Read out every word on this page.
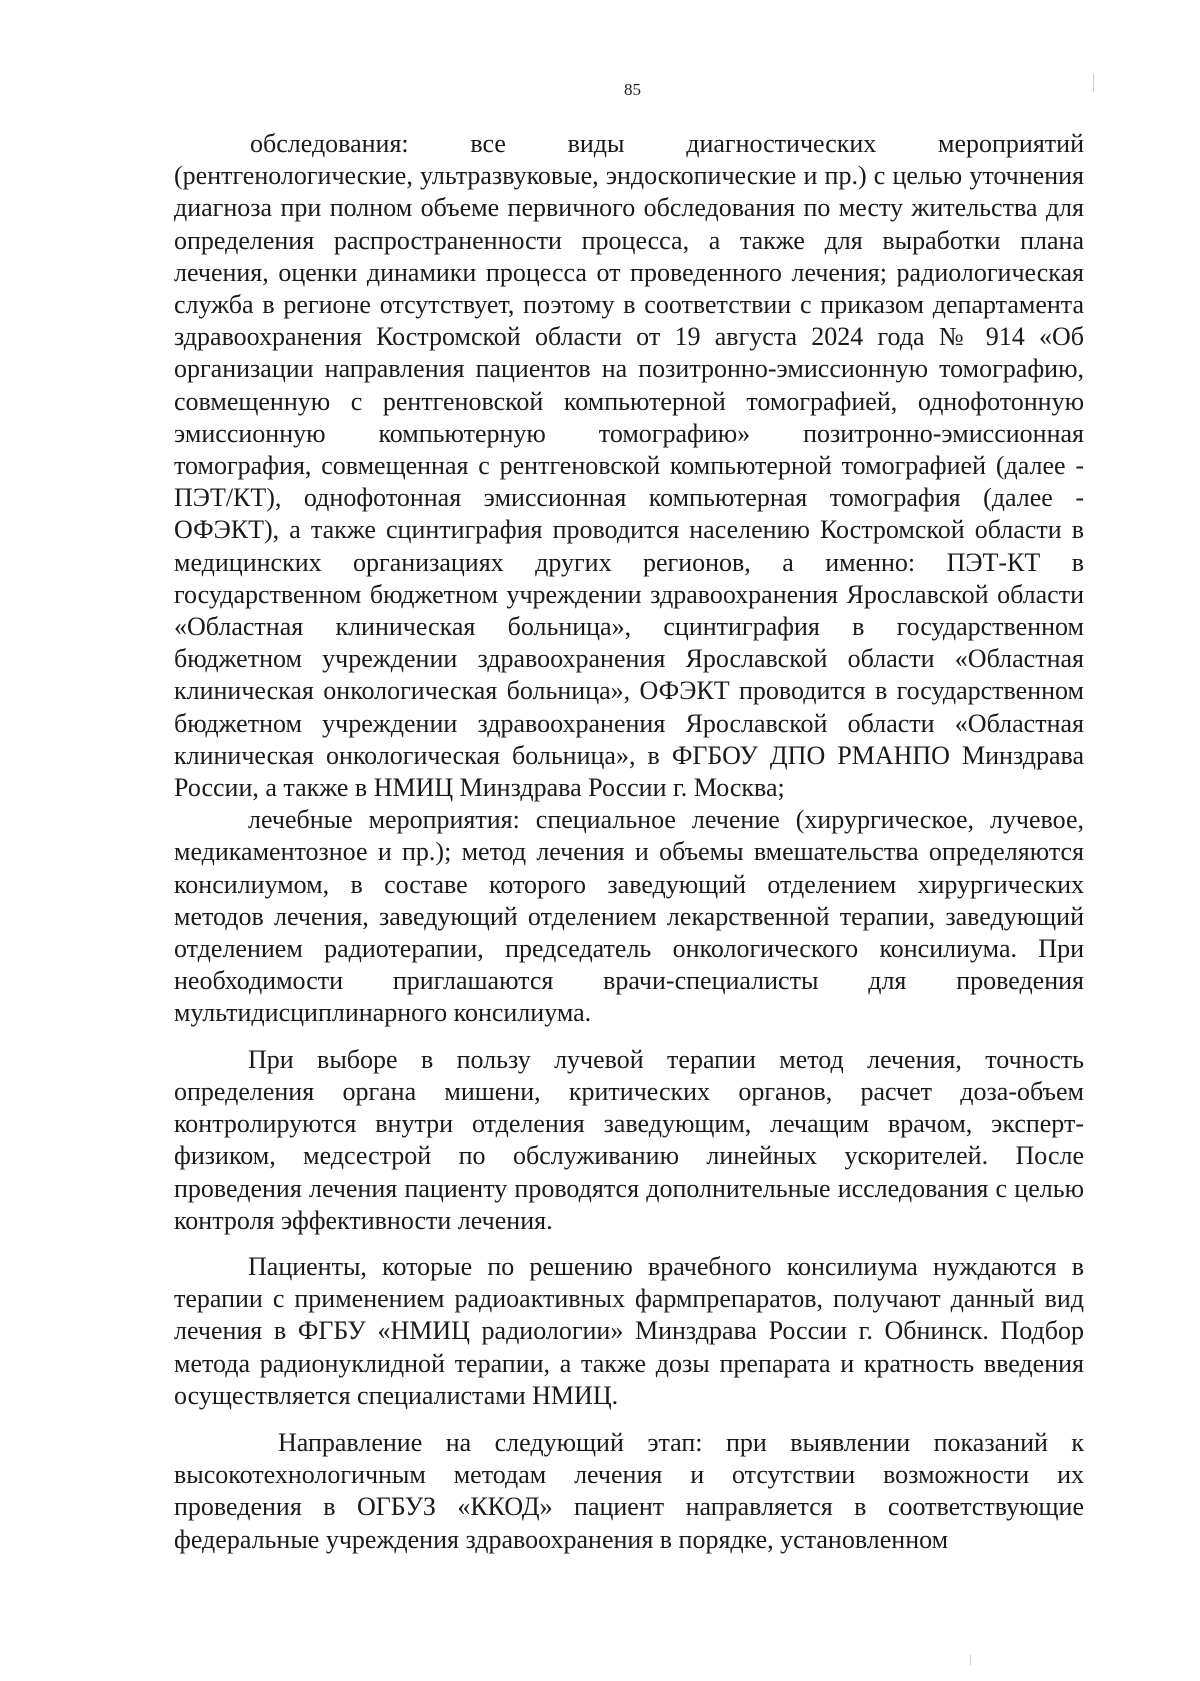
85

обследования: все виды диагностических мероприятий (рентгенологические, ультразвуковые, эндоскопические и пр.) с целью уточнения диагноза при полном объеме первичного обследования по месту жительства для определения распространенности процесса, а также для выработки плана лечения, оценки динамики процесса от проведенного лечения; радиологическая служба в регионе отсутствует, поэтому в соответствии с приказом департамента здравоохранения Костромской области от 19 августа 2024 года № 914 «Об организации направления пациентов на позитронно-эмиссионную томографию, совмещенную с рентгеновской компьютерной томографией, однофотонную эмиссионную компьютерную томографию» позитронно-эмиссионная томография, совмещенная с рентгеновской компьютерной томографией (далее - ПЭТ/КТ), однофотонная эмиссионная компьютерная томография (далее - ОФЭКТ), а также сцинтиграфия проводится населению Костромской области в медицинских организациях других регионов, а именно: ПЭТ-КТ в государственном бюджетном учреждении здравоохранения Ярославской области «Областная клиническая больница», сцинтиграфия в государственном бюджетном учреждении здравоохранения Ярославской области «Областная клиническая онкологическая больница», ОФЭКТ проводится в государственном бюджетном учреждении здравоохранения Ярославской области «Областная клиническая онкологическая больница», в ФГБОУ ДПО РМАНПО Минздрава России, а также в НМИЦ Минздрава России г. Москва;

лечебные мероприятия: специальное лечение (хирургическое, лучевое, медикаментозное и пр.); метод лечения и объемы вмешательства определяются консилиумом, в составе которого заведующий отделением хирургических методов лечения, заведующий отделением лекарственной терапии, заведующий отделением радиотерапии, председатель онкологического консилиума. При необходимости приглашаются врачи-специалисты для проведения мультидисциплинарного консилиума.

При выборе в пользу лучевой терапии метод лечения, точность определения органа мишени, критических органов, расчет доза-объем контролируются внутри отделения заведующим, лечащим врачом, эксперт-физиком, медсестрой по обслуживанию линейных ускорителей. После проведения лечения пациенту проводятся дополнительные исследования с целью контроля эффективности лечения.

Пациенты, которые по решению врачебного консилиума нуждаются в терапии с применением радиоактивных фармпрепаратов, получают данный вид лечения в ФГБУ «НМИЦ радиологии» Минздрава России г. Обнинск. Подбор метода радионуклидной терапии, а также дозы препарата и кратность введения осуществляется специалистами НМИЦ.

Направление на следующий этап: при выявлении показаний к высокотехнологичным методам лечения и отсутствии возможности их проведения в ОГБУЗ «ККОД» пациент направляется в соответствующие федеральные учреждения здравоохранения в порядке, установленном
